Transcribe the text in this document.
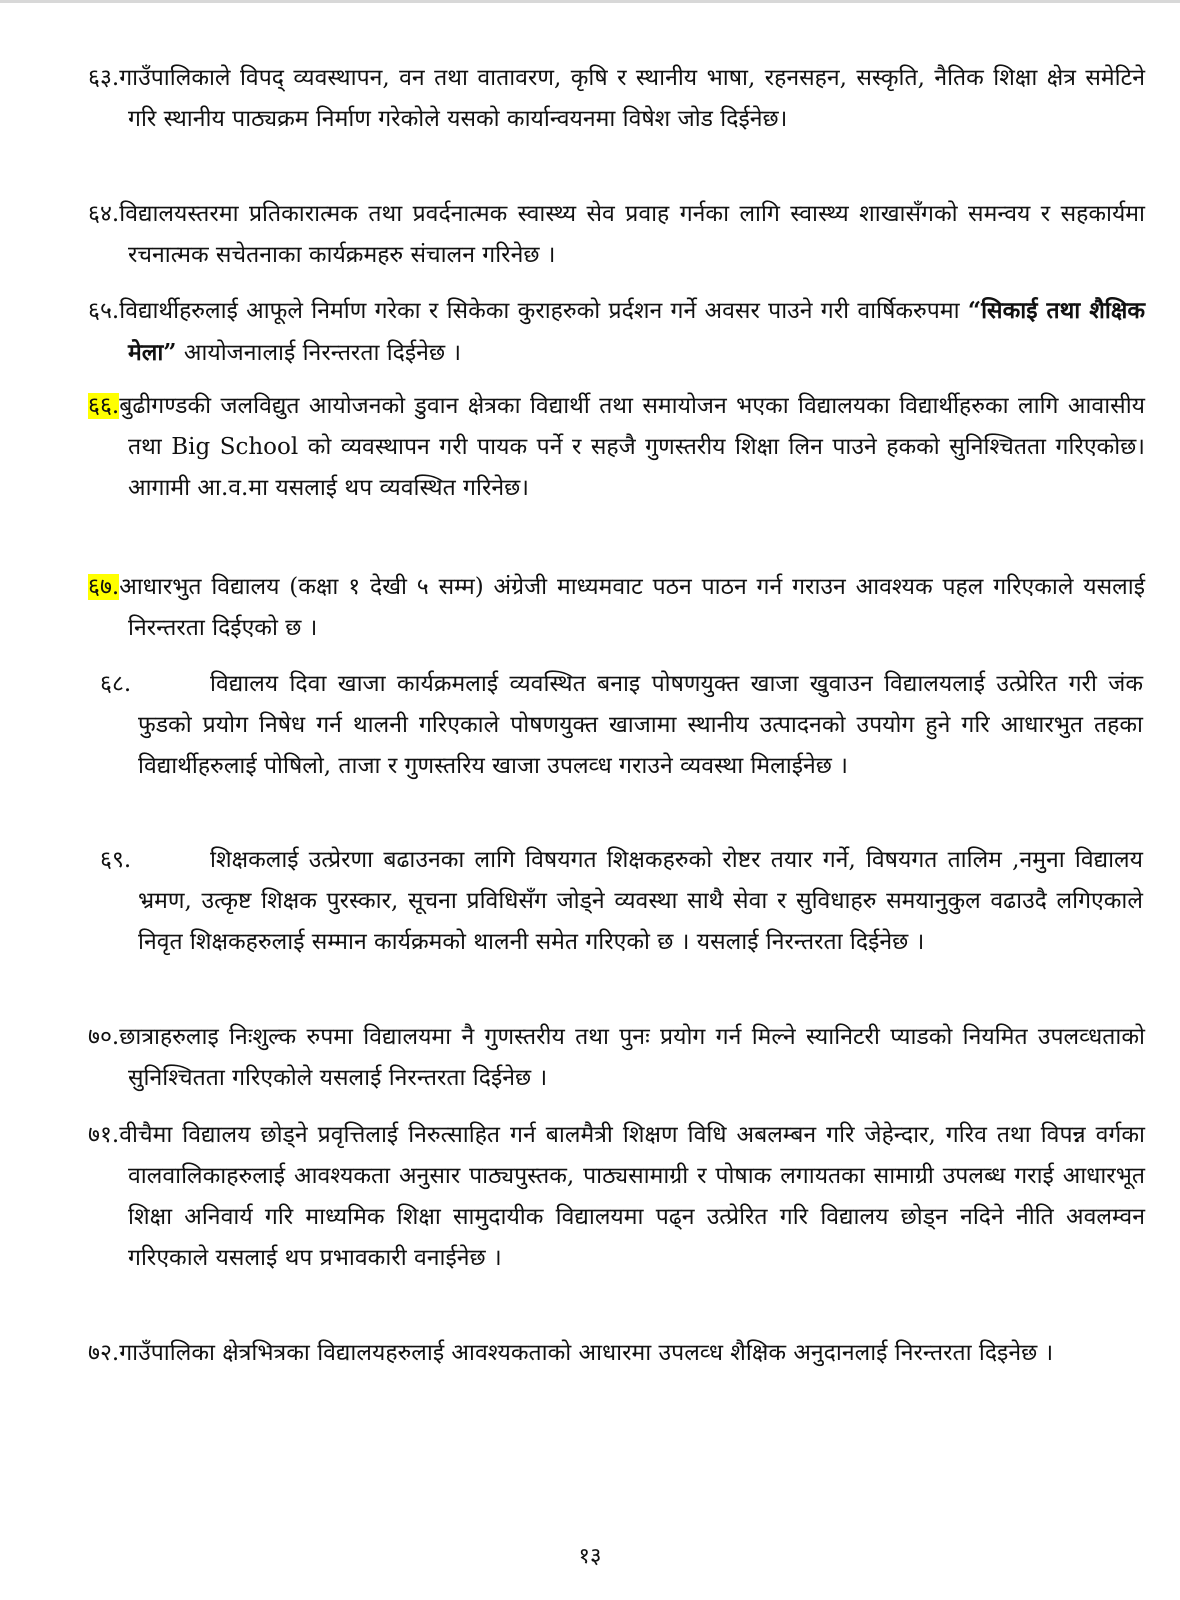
६३.गाउँपालिकाले विपद् व्यवस्थापन, वन तथा वातावरण, कृषि र स्थानीय भाषा, रहनसहन, सस्कृति, नैतिक शिक्षा क्षेत्र समेटिने गरि स्थानीय पाठ्यक्रम निर्माण गरेकोले यसको कार्यान्वयनमा विषेश जोड दिईनेछ।
६४.विद्यालयस्तरमा प्रतिकारात्मक तथा प्रवर्दनात्मक स्वास्थ्य सेव प्रवाह गर्नका लागि स्वास्थ्य शाखासँगको समन्वय र सहकार्यमा रचनात्मक सचेतनाका कार्यक्रमहरु संचालन गरिनेछ ।
६५.विद्यार्थीहरुलाई आफूले निर्माण गरेका र सिकेका कुराहरुको प्रर्दशन गर्ने अवसर पाउने गरी वार्षिकरुपमा “सिकाई तथा शैक्षिक मेला” आयोजनालाई निरन्तरता दिईनेछ ।
६६.बुढीगण्डकी जलविद्युत आयोजनको डुवान क्षेत्रका विद्यार्थी तथा समायोजन भएका विद्यालयका विद्यार्थीहरुका लागि आवासीय तथा Big School को व्यवस्थापन गरी पायक पर्ने र सहजै गुणस्तरीय शिक्षा लिन पाउने हकको सुनिश्चितता गरिएकोछ। आगामी आ.व.मा यसलाई थप व्यवस्थित गरिनेछ।
६७.आधारभुत विद्यालय (कक्षा १ देखी ५ सम्म) अंग्रेजी माध्यमवाट पठन पाठन गर्न गराउन आवश्यक पहल गरिएकाले यसलाई निरन्तरता दिईएको छ ।
६८.	विद्यालय दिवा खाजा कार्यक्रमलाई व्यवस्थित बनाइ पोषणयुक्त खाजा खुवाउन विद्यालयलाई उत्प्रेरित गरी जंक फुडको प्रयोग निषेध गर्न थालनी गरिएकाले पोषणयुक्त खाजामा स्थानीय उत्पादनको उपयोग हुने गरि आधारभुत तहका विद्यार्थीहरुलाई पोषिलो, ताजा र गुणस्तरिय खाजा उपलव्ध गराउने व्यवस्था मिलाईनेछ ।
६९.	शिक्षकलाई उत्प्रेरणा बढाउनका लागि विषयगत शिक्षकहरुको रोष्टर तयार गर्ने, विषयगत तालिम ,नमुना विद्यालय भ्रमण, उत्कृष्ट शिक्षक पुरस्कार, सूचना प्रविधिसँग जोड्ने व्यवस्था साथै सेवा र सुविधाहरु समयानुकुल वढाउदै लगिएकाले निवृत शिक्षकहरुलाई सम्मान कार्यक्रमको थालनी समेत गरिएको छ । यसलाई निरन्तरता दिईनेछ ।
७०.छात्राहरुलाइ निःशुल्क रुपमा विद्यालयमा नै गुणस्तरीय तथा पुनः प्रयोग गर्न मिल्ने स्यानिटरी प्याडको नियमित उपलव्धताको सुनिश्चितता गरिएकोले यसलाई निरन्तरता दिईनेछ ।
७१.वीचैमा विद्यालय छोड्ने प्रवृत्तिलाई निरुत्साहित गर्न बालमैत्री शिक्षण विधि अबलम्बन गरि जेहेन्दार, गरिव तथा विपन्न वर्गका वालवालिकाहरुलाई आवश्यकता अनुसार पाठ्यपुस्तक, पाठ्यसामाग्री र पोषाक लगायतका सामाग्री उपलब्ध गराई आधारभूत शिक्षा अनिवार्य गरि माध्यमिक शिक्षा सामुदायीक विद्यालयमा पढ्न उत्प्रेरित गरि विद्यालय छोड्न नदिने नीति अवलम्वन गरिएकाले यसलाई थप प्रभावकारी वनाईनेछ ।
७२.गाउँपालिका क्षेत्रभित्रका विद्यालयहरुलाई आवश्यकताको आधारमा उपलव्ध शैक्षिक अनुदानलाई निरन्तरता दिइनेछ ।
१३
